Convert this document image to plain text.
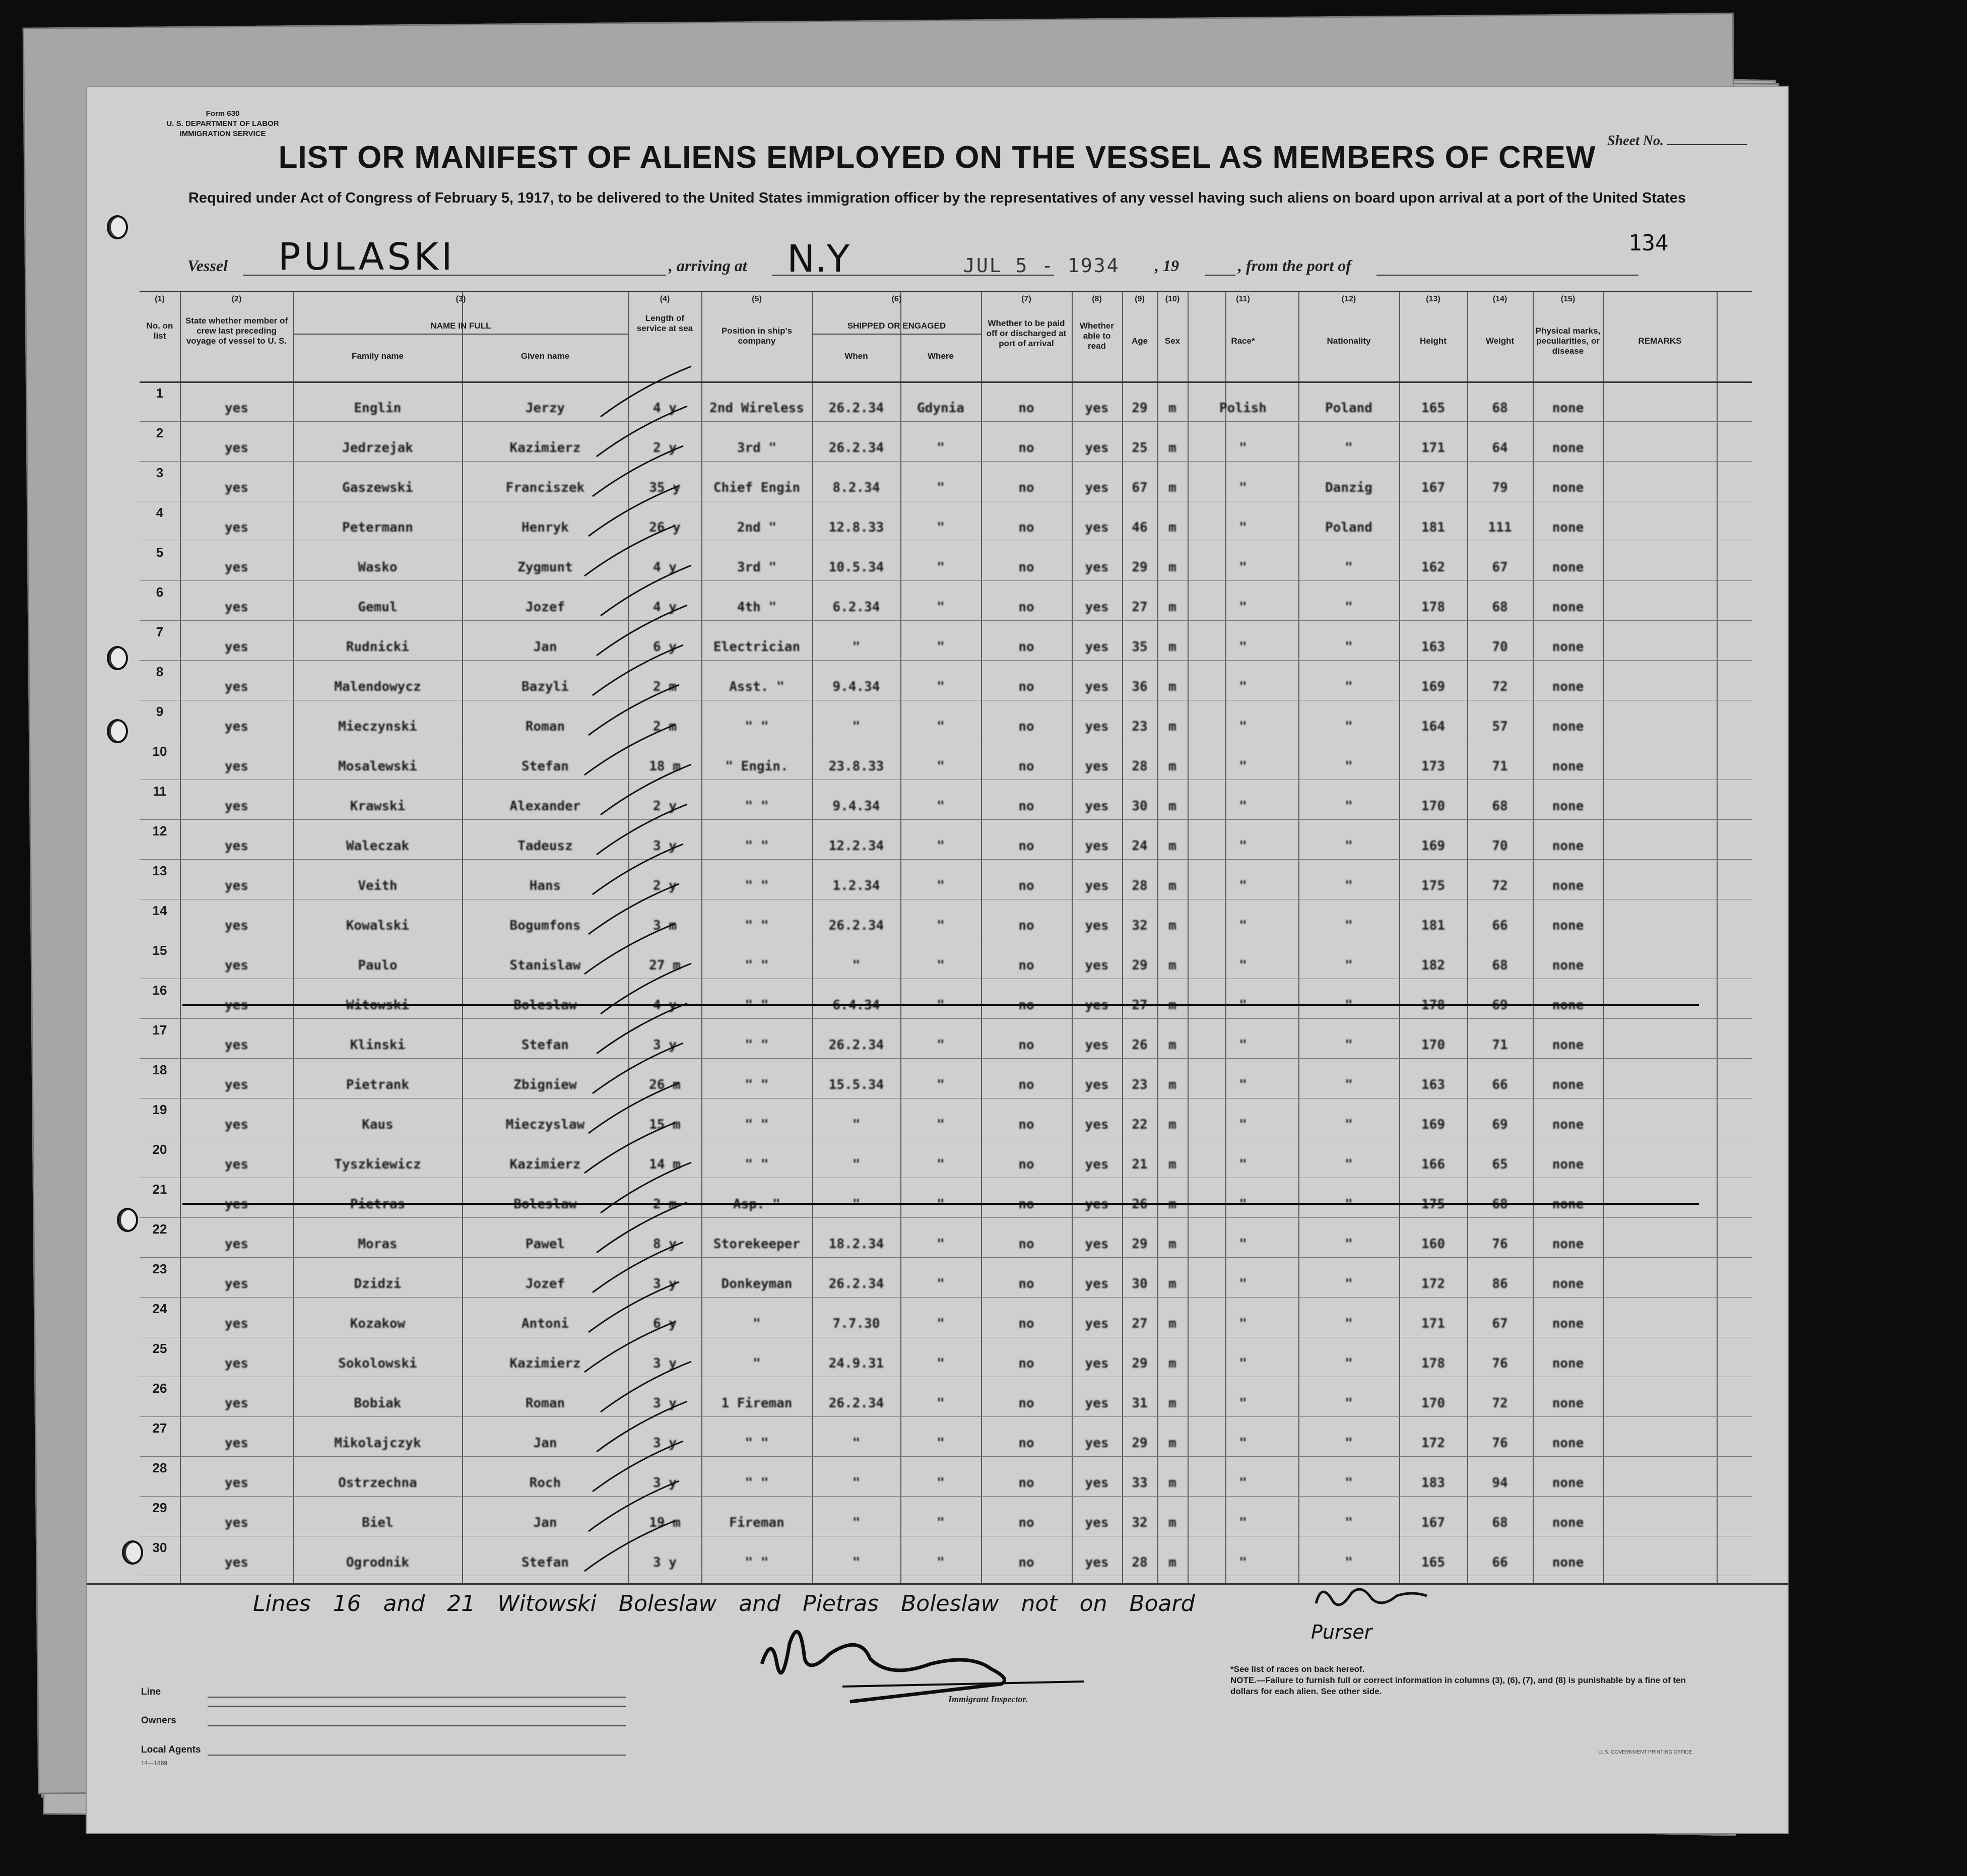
Form 630
U. S. DEPARTMENT OF LABOR
IMMIGRATION SERVICE	Sheet No.
LIST OR MANIFEST OF ALIENS EMPLOYED ON THE VESSEL AS MEMBERS OF CREW
Required under Act of Congress of February 5, 1917, to be delivered to the United States immigration officer by the representatives of any vessel having such aliens on board upon arrival at a port of the United States
Vessel PULASKI	, arriving at N.Y	JUL 5 - 1934 , 19	, from the port of
134
(1)
No. on list
(2)
State whether member of crew last preceding voyage of vessel to U. S.
(3)
NAME IN FULL
Family name	Given name
(4)
Length of service at sea
(5)
Position in ship's company
(6)
SHIPPED OR ENGAGED
When	Where
(7)
Whether to be paid off or discharged at port of arrival
(8)
Whether able to read
(9)
Age
(10)
Sex
(11)
Race*
(12)
Nationality
(13)
Height
(14)
Weight
(15)
Physical marks, peculiarities, or disease
REMARKS
1
yes	Englin	Jerzy	4 y	2nd Wireless	26.2.34	Gdynia	no	yes	29	m	Polish	Poland	165	68	none
2
yes	Jedrzejak	Kazimierz	2 y	3rd "	26.2.34	"	no	yes	25	m	"	"	171	64	none
3
yes	Gaszewski	Franciszek	35 y	Chief Engin	8.2.34	"	no	yes	67	m	"	Danzig	167	79	none
4
yes	Petermann	Henryk	26 y	2nd "	12.8.33	"	no	yes	46	m	"	Poland	181	111	none
5
yes	Wasko	Zygmunt	4 y	3rd "	10.5.34	"	no	yes	29	m	"	"	162	67	none
6
yes	Gemul	Jozef	4 y	4th "	6.2.34	"	no	yes	27	m	"	"	178	68	none
7
yes	Rudnicki	Jan	6 y	Electrician	"	"	no	yes	35	m	"	"	163	70	none
8
yes	Malendowycz	Bazyli	2 m	Asst. "	9.4.34	"	no	yes	36	m	"	"	169	72	none
9
yes	Mieczynski	Roman	2 m	" "	"	"	no	yes	23	m	"	"	164	57	none
10
yes	Mosalewski	Stefan	18 m	" Engin.	23.8.33	"	no	yes	28	m	"	"	173	71	none
11
yes	Krawski	Alexander	2 y	" "	9.4.34	"	no	yes	30	m	"	"	170	68	none
12
yes	Waleczak	Tadeusz	3 y	" "	12.2.34	"	no	yes	24	m	"	"	169	70	none
13
yes	Veith	Hans	2 y	" "	1.2.34	"	no	yes	28	m	"	"	175	72	none
14
yes	Kowalski	Bogumfons	3 m	" "	26.2.34	"	no	yes	32	m	"	"	181	66	none
15
yes	Paulo	Stanislaw	27 m	" "	"	"	no	yes	29	m	"	"	182	68	none
16
yes	Witowski	Boleslaw	4 y	" "	6.4.34	"	no	yes	27	m	"	"	178	69	none
17
yes	Klinski	Stefan	3 y	" "	26.2.34	"	no	yes	26	m	"	"	170	71	none
18
yes	Pietrank	Zbigniew	26 m	" "	15.5.34	"	no	yes	23	m	"	"	163	66	none
19
yes	Kaus	Mieczyslaw	15 m	" "	"	"	no	yes	22	m	"	"	169	69	none
20
yes	Tyszkiewicz	Kazimierz	14 m	" "	"	"	no	yes	21	m	"	"	166	65	none
21
yes	Pietras	Boleslaw	2 m	Asp. "	"	"	no	yes	26	m	"	"	175	68	none
22
yes	Moras	Pawel	8 y	Storekeeper	18.2.34	"	no	yes	29	m	"	"	160	76	none
23
yes	Dzidzi	Jozef	3 y	Donkeyman	26.2.34	"	no	yes	30	m	"	"	172	86	none
24
yes	Kozakow	Antoni	6 y	"	7.7.30	"	no	yes	27	m	"	"	171	67	none
25
yes	Sokolowski	Kazimierz	3 y	"	24.9.31	"	no	yes	29	m	"	"	178	76	none
26
yes	Bobiak	Roman	3 y	1 Fireman	26.2.34	"	no	yes	31	m	"	"	170	72	none
27
yes	Mikolajczyk	Jan	3 y	" "	"	"	no	yes	29	m	"	"	172	76	none
28
yes	Ostrzechna	Roch	3 y	" "	"	"	no	yes	33	m	"	"	183	94	none
29
yes	Biel	Jan	19 m	Fireman	"	"	no	yes	32	m	"	"	167	68	none
30
yes	Ogrodnik	Stefan	3 y	" "	"	"	no	yes	28	m	"	"	165	66	none
Lines 16 and 21 Witowski Boleslaw and Pietras Boleslaw not on Board
Purser
Line
Owners
Local Agents
14—1869
Immigrant Inspector.
*See list of races on back hereof.
NOTE.—Failure to furnish full or correct information in columns (3), (6), (7), and (8) is punishable by a fine of ten dollars for each alien. See other side.
U. S. GOVERNMENT PRINTING OFFICE
